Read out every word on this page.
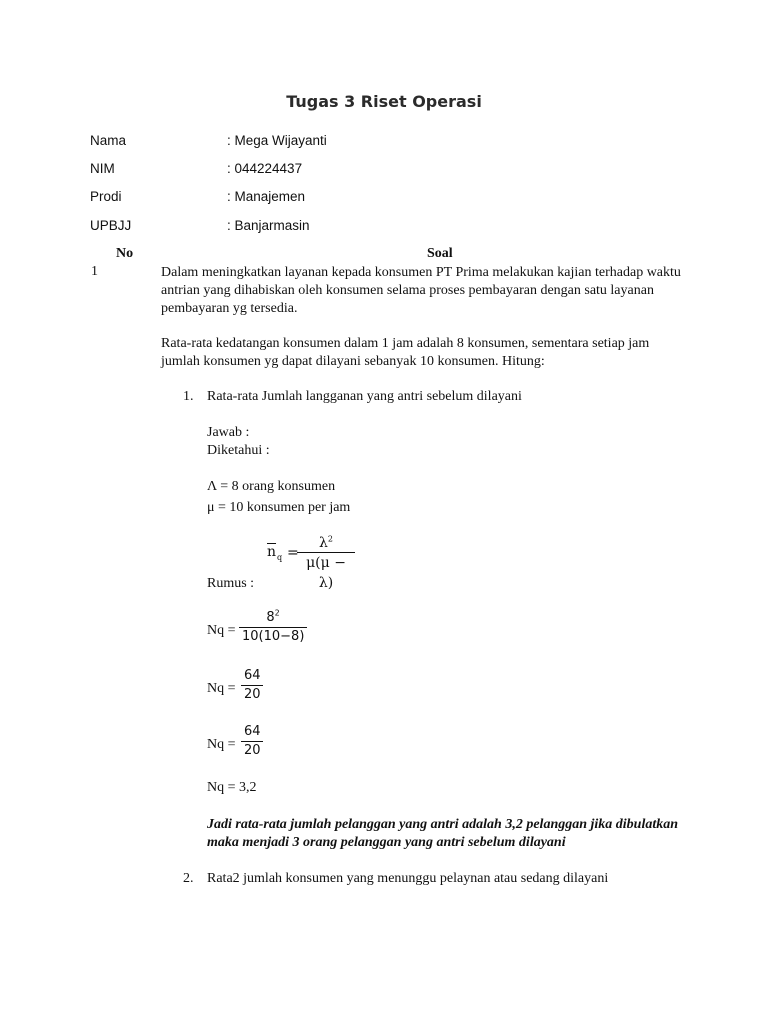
Tugas 3 Riset Operasi
Nama	: Mega Wijayanti
NIM	: 044224437
Prodi	: Manajemen
UPBJJ	: Banjarmasin
No	Soal
1	Dalam meningkatkan layanan kepada konsumen PT Prima melakukan kajian terhadap waktu
antrian yang dihabiskan oleh konsumen selama proses pembayaran dengan satu layanan
pembayaran yg tersedia.
Rata-rata kedatangan konsumen dalam 1 jam adalah 8 konsumen, sementara setiap jam
jumlah konsumen yg dapat dilayani sebanyak 10 konsumen. Hitung:
1. Rata-rata Jumlah langganan yang antri sebelum dilayani
Jawab :
Diketahui :
Λ = 8 orang konsumen
μ = 10 konsumen per jam
$\overline{n}$ q =
$\frac{\lambda^2}{\mu(\mu - \lambda)}$
Rumus :
$Nq = \frac{8^2}{10(10-8)}$
$Nq = \frac{64}{20}$
$Nq = \frac{64}{20}$
Nq = 3,2
Jadi rata-rata jumlah pelanggan yang antri adalah 3,2 pelanggan jika dibulatkan
maka menjadi 3 orang pelanggan yang antri sebelum dilayani
2. Rata2 jumlah konsumen yang menunggu pelaynan atau sedang dilayani
